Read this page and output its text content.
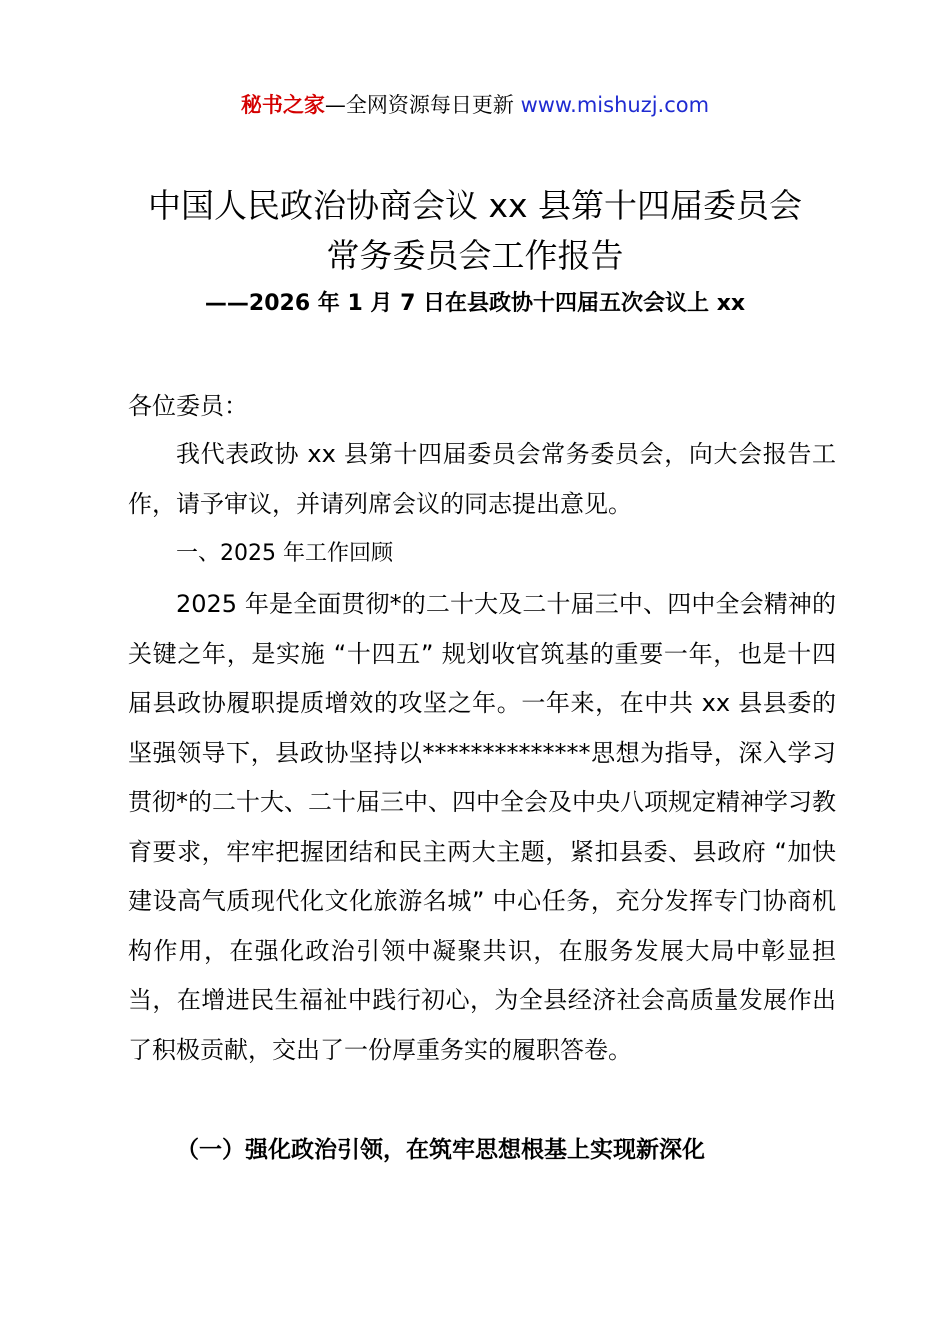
秘书之家—全网资源每日更新 www.mishuzj.com
中国人民政治协商会议 xx 县第十四届委员会
常务委员会工作报告
——2026 年 1 月 7 日在县政协十四届五次会议上 xx

各位委员：

我代表政协 xx 县第十四届委员会常务委员会，向大会报告工作，请予审议，并请列席会议的同志提出意见。

一、2025 年工作回顾

2025 年是全面贯彻*的二十大及二十届三中、四中全会精神的关键之年，是实施 “十四五” 规划收官筑基的重要一年，也是十四届县政协履职提质增效的攻坚之年。一年来，在中共 xx 县县委的坚强领导下，县政协坚持以**************思想为指导，深入学习贯彻*的二十大、二十届三中、四中全会及中央八项规定精神学习教育要求，牢牢把握团结和民主两大主题，紧扣县委、县政府 “加快建设高气质现代化文化旅游名城” 中心任务，充分发挥专门协商机构作用，在强化政治引领中凝聚共识，在服务发展大局中彰显担当，在增进民生福祉中践行初心，为全县经济社会高质量发展作出了积极贡献，交出了一份厚重务实的履职答卷。

（一）强化政治引领，在筑牢思想根基上实现新深化
